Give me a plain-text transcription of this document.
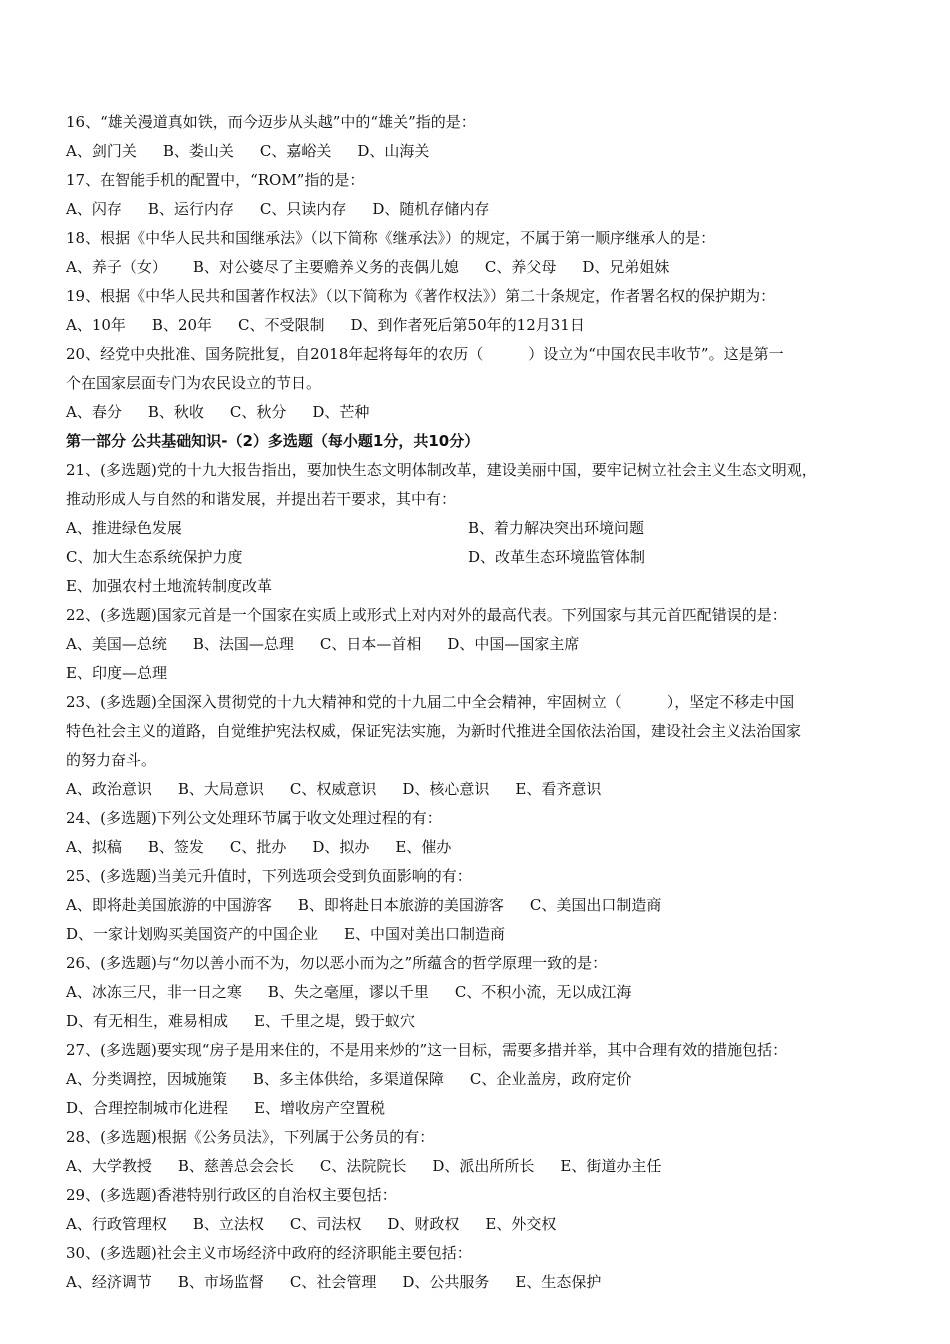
16、“雄关漫道真如铁，而今迈步从头越”中的“雄关”指的是：
A、剑门关 B、娄山关 C、嘉峪关 D、山海关
17、在智能手机的配置中，“ROM”指的是：
A、闪存 B、运行内存 C、只读内存 D、随机存储内存
18、根据《中华人民共和国继承法》（以下简称《继承法》）的规定，不属于第一顺序继承人的是：
A、养子（女） B、对公婆尽了主要赡养义务的丧偶儿媳 C、养父母 D、兄弟姐妹
19、根据《中华人民共和国著作权法》（以下简称为《著作权法》）第二十条规定，作者署名权的保护期为：
A、10年 B、20年 C、不受限制 D、到作者死后第50年的12月31日
20、经党中央批准、国务院批复，自2018年起将每年的农历（　　　）设立为“中国农民丰收节”。这是第一
个在国家层面专门为农民设立的节日。
A、春分 B、秋收 C、秋分 D、芒种
第一部分 公共基础知识-（2）多选题（每小题1分，共10分）
21、(多选题)党的十九大报告指出，要加快生态文明体制改革，建设美丽中国，要牢记树立社会主义生态文明观，
推动形成人与自然的和谐发展，并提出若干要求，其中有：
A、推进绿色发展	B、着力解决突出环境问题
C、加大生态系统保护力度	D、改革生态环境监管体制
E、加强农村土地流转制度改革
22、(多选题)国家元首是一个国家在实质上或形式上对内对外的最高代表。下列国家与其元首匹配错误的是：
A、美国—总统 B、法国—总理 C、日本—首相 D、中国—国家主席
E、印度—总理
23、(多选题)全国深入贯彻党的十九大精神和党的十九届二中全会精神，牢固树立（　　　），坚定不移走中国
特色社会主义的道路，自觉维护宪法权威，保证宪法实施，为新时代推进全国依法治国，建设社会主义法治国家
的努力奋斗。
A、政治意识 B、大局意识 C、权威意识 D、核心意识 E、看齐意识
24、(多选题)下列公文处理环节属于收文处理过程的有：
A、拟稿 B、签发 C、批办 D、拟办 E、催办
25、(多选题)当美元升值时，下列选项会受到负面影响的有：
A、即将赴美国旅游的中国游客 B、即将赴日本旅游的美国游客 C、美国出口制造商
D、一家计划购买美国资产的中国企业 E、中国对美出口制造商
26、(多选题)与“勿以善小而不为，勿以恶小而为之”所蕴含的哲学原理一致的是：
A、冰冻三尺，非一日之寒 B、失之毫厘，谬以千里 C、不积小流，无以成江海
D、有无相生，难易相成 E、千里之堤，毁于蚁穴
27、(多选题)要实现“房子是用来住的，不是用来炒的”这一目标，需要多措并举，其中合理有效的措施包括：
A、分类调控，因城施策 B、多主体供给，多渠道保障 C、企业盖房，政府定价
D、合理控制城市化进程 E、增收房产空置税
28、(多选题)根据《公务员法》，下列属于公务员的有：
A、大学教授 B、慈善总会会长 C、法院院长 D、派出所所长 E、街道办主任
29、(多选题)香港特别行政区的自治权主要包括：
A、行政管理权 B、立法权 C、司法权 D、财政权 E、外交权
30、(多选题)社会主义市场经济中政府的经济职能主要包括：
A、经济调节 B、市场监督 C、社会管理 D、公共服务 E、生态保护
